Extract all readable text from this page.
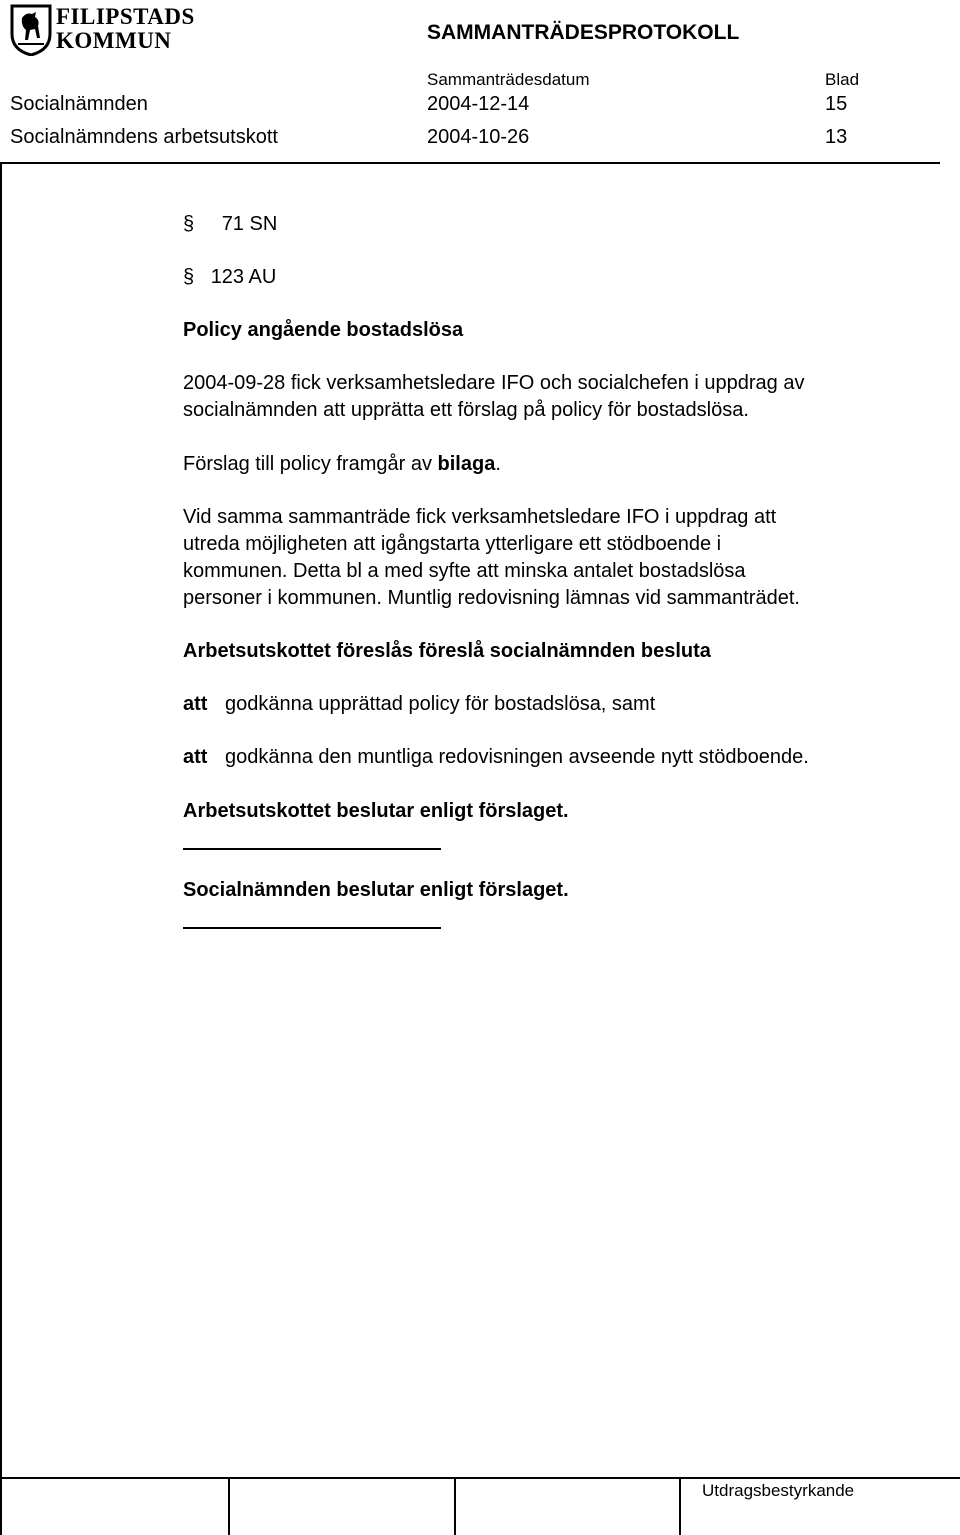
FILIPSTADS
KOMMUN	SAMMANTRÄDESPROTOKOLL
Sammanträdesdatum	Blad
Socialnämnden	2004-12-14	15
Socialnämndens arbetsutskott	2004-10-26	13
§ 71 SN
§ 123 AU
Policy angående bostadslösa
2004-09-28 fick verksamhetsledare IFO och socialchefen i uppdrag av
socialnämnden att upprätta ett förslag på policy för bostadslösa.
Förslag till policy framgår av bilaga.
Vid samma sammanträde fick verksamhetsledare IFO i uppdrag att
utreda möjligheten att igångstarta ytterligare ett stödboende i
kommunen. Detta bl a med syfte att minska antalet bostadslösa
personer i kommunen. Muntlig redovisning lämnas vid sammanträdet.
Arbetsutskottet föreslås föreslå socialnämnden besluta
att godkänna upprättad policy för bostadslösa, samt
att godkänna den muntliga redovisningen avseende nytt stödboende.
Arbetsutskottet beslutar enligt förslaget.
Socialnämnden beslutar enligt förslaget.
Utdragsbestyrkande
